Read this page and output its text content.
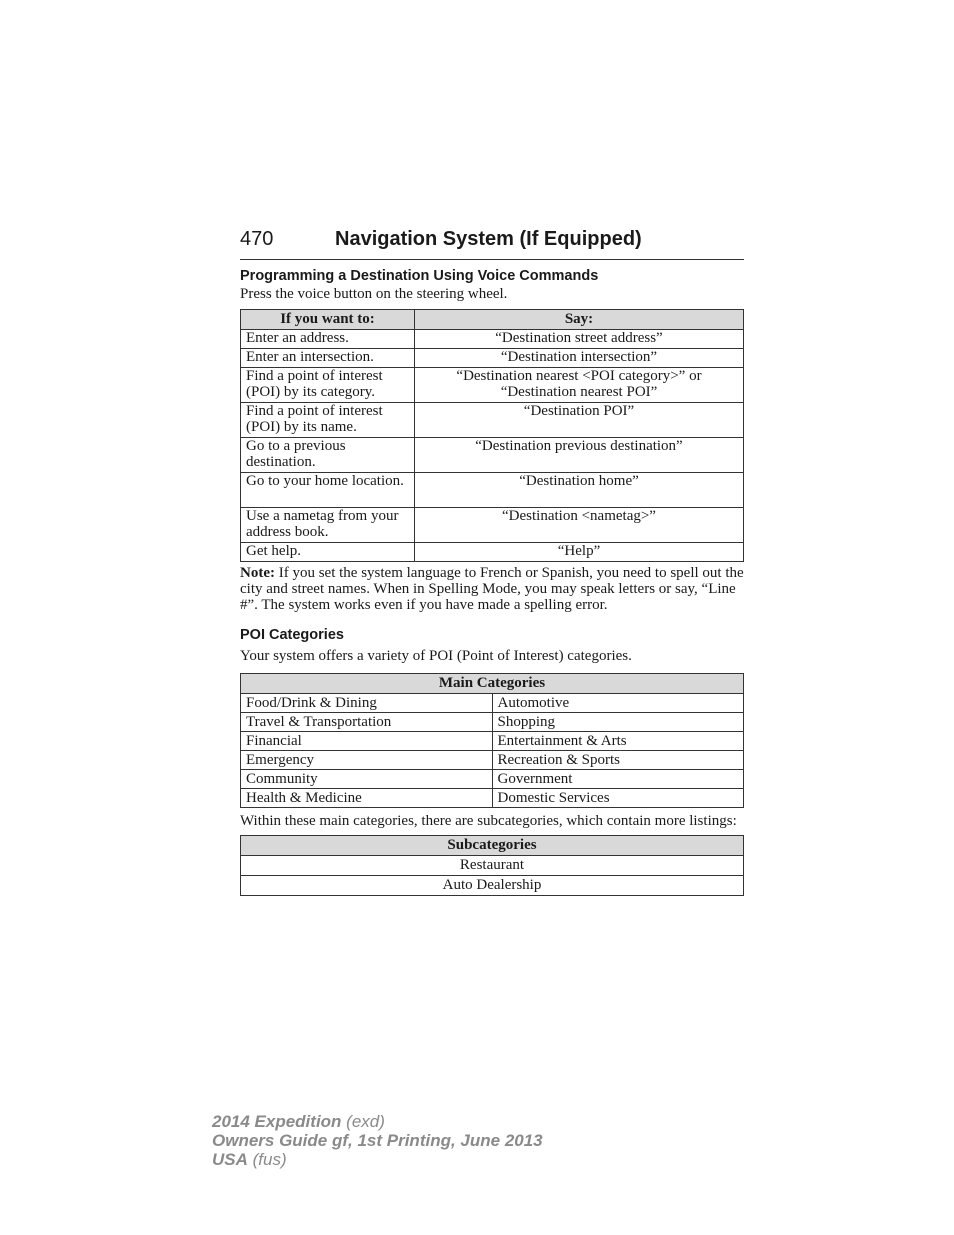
470	Navigation System (If Equipped)
Programming a Destination Using Voice Commands

Press the voice button on the steering wheel.

If you want to:	Say:
Enter an address.	“Destination street address”
Enter an intersection.	“Destination intersection”
Find a point of interest (POI) by its category.	“Destination nearest <POI category>” or “Destination nearest POI”
Find a point of interest (POI) by its name.	“Destination POI”
Go to a previous destination.	“Destination previous destination”
Go to your home location.	“Destination home”
Use a nametag from your address book.	“Destination <nametag>”
Get help.	“Help”

Note: If you set the system language to French or Spanish, you need to spell out the city and street names. When in Spelling Mode, you may speak letters or say, “Line #”. The system works even if you have made a spelling error.

POI Categories

Your system offers a variety of POI (Point of Interest) categories.

Main Categories	
Food/Drink & Dining	Automotive
Travel & Transportation	Shopping
Financial	Entertainment & Arts
Emergency	Recreation & Sports
Community	Government
Health & Medicine	Domestic Services

Within these main categories, there are subcategories, which contain more listings:

Subcategories
Restaurant
Auto Dealership
2014 Expedition (exd)
Owners Guide gf, 1st Printing, June 2013
USA (fus)
